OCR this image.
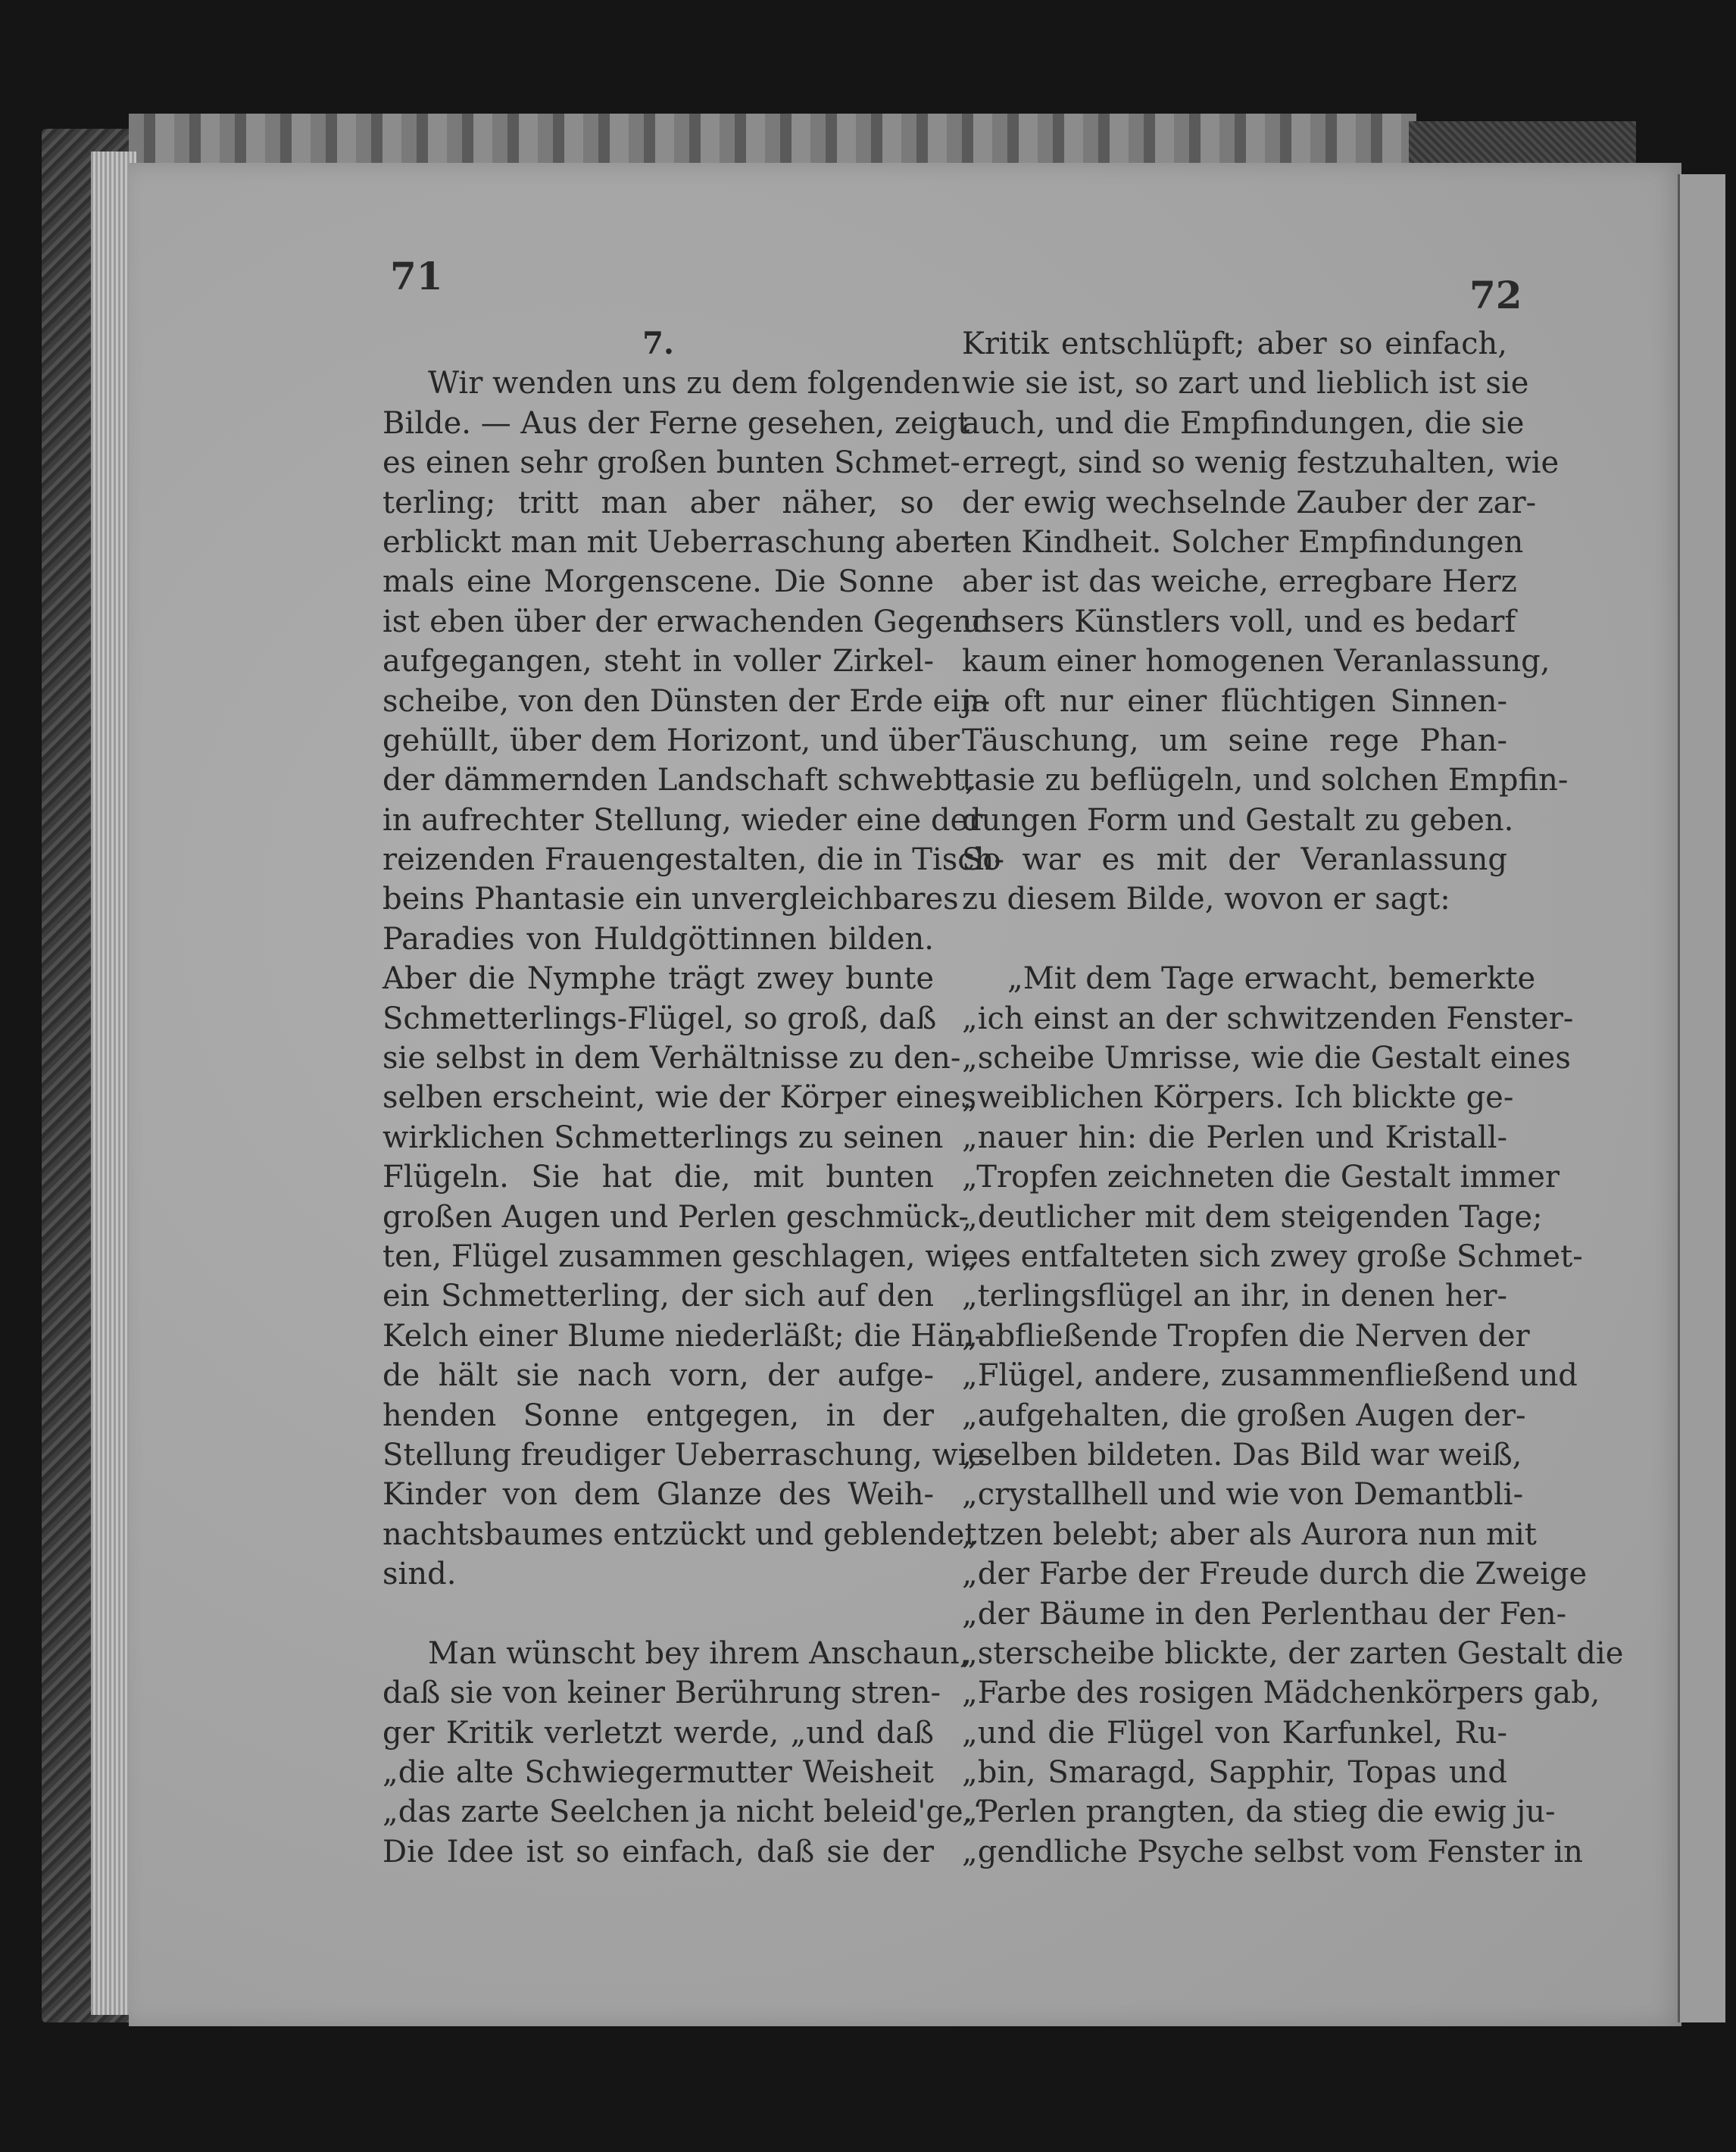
71	72
7.
Wir wenden uns zu dem folgenden
Bilde. — Aus der Ferne gesehen, zeigt
es einen sehr großen bunten Schmet-
terling; tritt man aber näher, so
erblickt man mit Ueberraschung aber-
mals eine Morgenscene. Die Sonne
ist eben über der erwachenden Gegend
aufgegangen, steht in voller Zirkel-
scheibe, von den Dünsten der Erde ein-
gehüllt, über dem Horizont, und über
der dämmernden Landschaft schwebt,
in aufrechter Stellung, wieder eine der
reizenden Frauengestalten, die in Tisch-
beins Phantasie ein unvergleichbares
Paradies von Huldgöttinnen bilden.
Aber die Nymphe trägt zwey bunte
Schmetterlings-Flügel, so groß, daß
sie selbst in dem Verhältnisse zu den-
selben erscheint, wie der Körper eines
wirklichen Schmetterlings zu seinen
Flügeln. Sie hat die, mit bunten
großen Augen und Perlen geschmück-
ten, Flügel zusammen geschlagen, wie
ein Schmetterling, der sich auf den
Kelch einer Blume niederläßt; die Hän-
de hält sie nach vorn, der aufge-
henden Sonne entgegen, in der
Stellung freudiger Ueberraschung, wie
Kinder von dem Glanze des Weih-
nachtsbaumes entzückt und geblendet
sind.
Man wünscht bey ihrem Anschaun,
daß sie von keiner Berührung stren-
ger Kritik verletzt werde, „und daß
„die alte Schwiegermutter Weisheit
„das zarte Seelchen ja nicht beleid'ge.“
Die Idee ist so einfach, daß sie der
Kritik entschlüpft; aber so einfach,
wie sie ist, so zart und lieblich ist sie
auch, und die Empfindungen, die sie
erregt, sind so wenig festzuhalten, wie
der ewig wechselnde Zauber der zar-
ten Kindheit. Solcher Empfindungen
aber ist das weiche, erregbare Herz
unsers Künstlers voll, und es bedarf
kaum einer homogenen Veranlassung,
ja oft nur einer flüchtigen Sinnen-
Täuschung, um seine rege Phan-
tasie zu beflügeln, und solchen Empfin-
dungen Form und Gestalt zu geben.
So war es mit der Veranlassung
zu diesem Bilde, wovon er sagt:
„Mit dem Tage erwacht, bemerkte
„ich einst an der schwitzenden Fenster-
„scheibe Umrisse, wie die Gestalt eines
„weiblichen Körpers. Ich blickte ge-
„nauer hin: die Perlen und Kristall-
„Tropfen zeichneten die Gestalt immer
„deutlicher mit dem steigenden Tage;
„es entfalteten sich zwey große Schmet-
„terlingsflügel an ihr, in denen her-
„abfließende Tropfen die Nerven der
„Flügel, andere, zusammenfließend und
„aufgehalten, die großen Augen der-
„selben bildeten. Das Bild war weiß,
„crystallhell und wie von Demantbli-
„tzen belebt; aber als Aurora nun mit
„der Farbe der Freude durch die Zweige
„der Bäume in den Perlenthau der Fen-
„sterscheibe blickte, der zarten Gestalt die
„Farbe des rosigen Mädchenkörpers gab,
„und die Flügel von Karfunkel, Ru-
„bin, Smaragd, Sapphir, Topas und
„Perlen prangten, da stieg die ewig ju-
„gendliche Psyche selbst vom Fenster in
